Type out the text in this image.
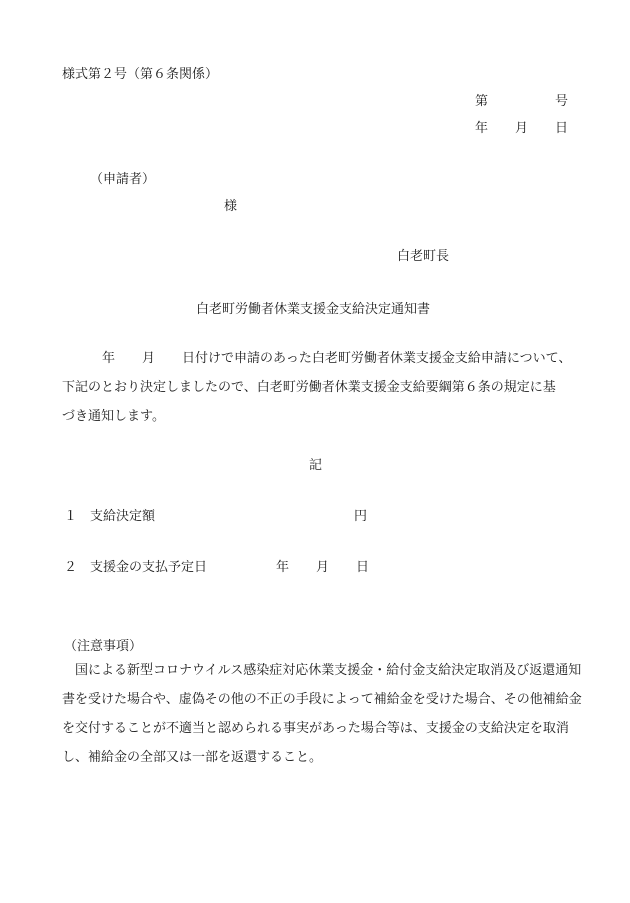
様式第２号（第６条関係）
第	号
年 月 日
（申請者）
様
白老町長
白老町労働者休業支援金支給決定通知書
年 月 日付けで申請のあった白老町労働者休業支援金支給申請について、
下記のとおり決定しましたので、白老町労働者休業支援金支給要綱第６条の規定に基
づき通知します。
記
１ 支給決定額	円
２ 支援金の支払予定日	年 月 日
（注意事項）
　国による新型コロナウイルス感染症対応休業支援金・給付金支給決定取消及び返還通知書を受けた場合や、虚偽その他の不正の手段によって補給金を受けた場合、その他補給金を交付することが不適当と認められる事実があった場合等は、支援金の支給決定を取消し、補給金の全部又は一部を返還すること。
